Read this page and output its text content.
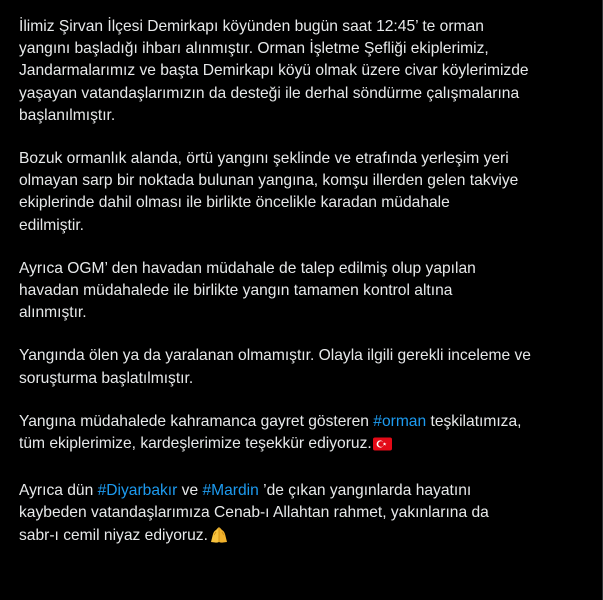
İlimiz Şirvan İlçesi Demirkapı köyünden bugün saat 12:45’ te orman
yangını başladığı ihbarı alınmıştır. Orman İşletme Şefliği ekiplerimiz,
Jandarmalarımız ve başta Demirkapı köyü olmak üzere civar köylerimizde
yaşayan vatandaşlarımızın da desteği ile derhal söndürme çalışmalarına
başlanılmıştır.
Bozuk ormanlık alanda, örtü yangını şeklinde ve etrafında yerleşim yeri
olmayan sarp bir noktada bulunan yangına, komşu illerden gelen takviye
ekiplerinde dahil olması ile birlikte öncelikle karadan müdahale
edilmiştir.
Ayrıca OGM’ den havadan müdahale de talep edilmiş olup yapılan
havadan müdahalede ile birlikte yangın tamamen kontrol altına
alınmıştır.
Yangında ölen ya da yaralanan olmamıştır. Olayla ilgili gerekli inceleme ve
soruşturma başlatılmıştır.
Yangına müdahalede kahramanca gayret gösteren #orman teşkilatımıza,
tüm ekiplerimize, kardeşlerimize teşekkür ediyoruz.
Ayrıca dün #Diyarbakır ve #Mardin ’de çıkan yangınlarda hayatını
kaybeden vatandaşlarımıza Cenab-ı Allahtan rahmet, yakınlarına da
sabr-ı cemil niyaz ediyoruz.
